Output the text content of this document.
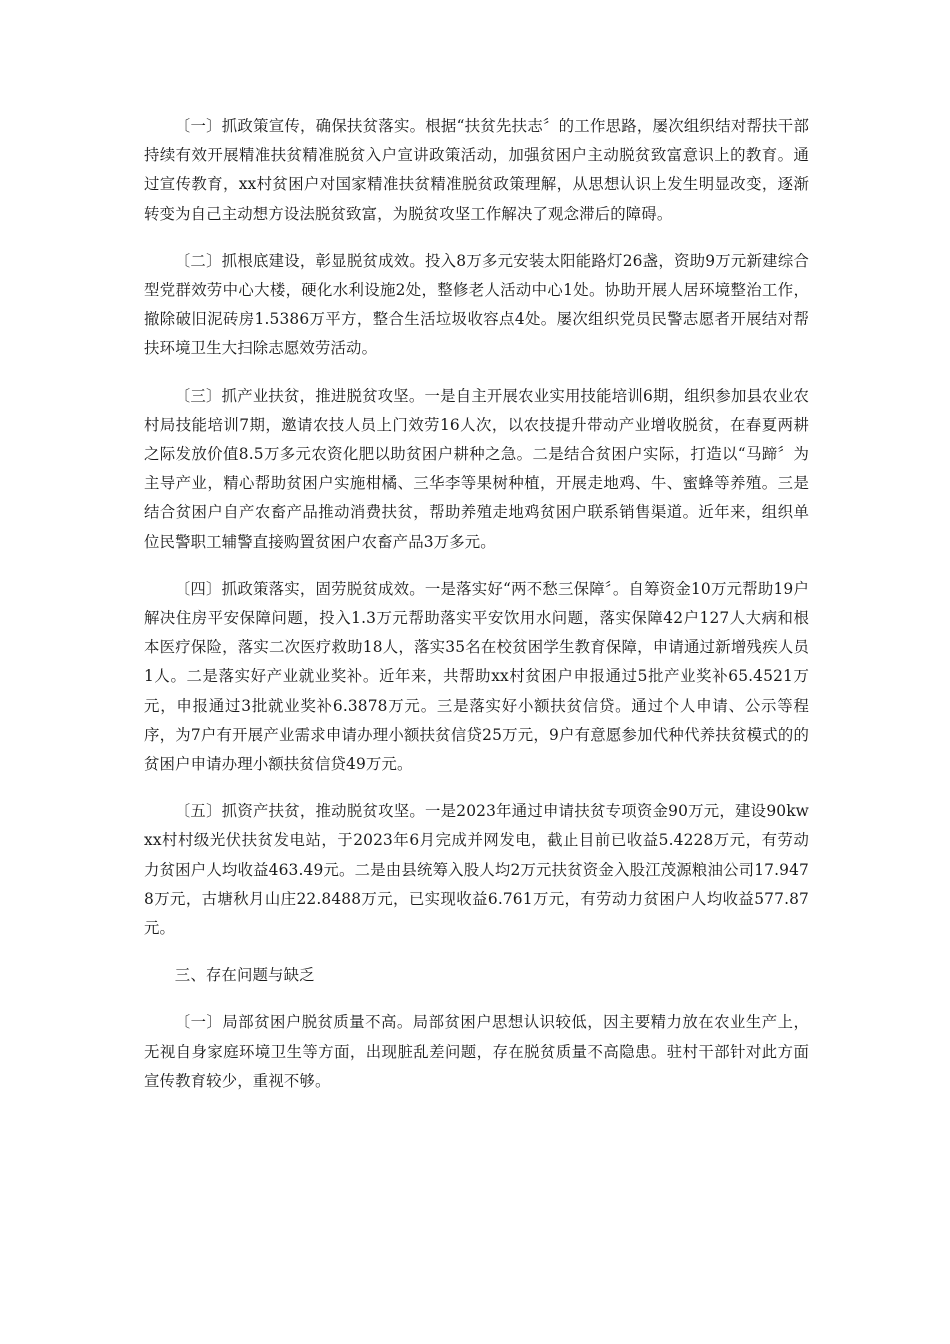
〔一〕抓政策宣传，确保扶贫落实。根据“扶贫先扶志〞的工作思路，屡次组织结对帮扶干部持续有效开展精准扶贫精准脱贫入户宣讲政策活动，加强贫困户主动脱贫致富意识上的教育。通过宣传教育，xx村贫困户对国家精准扶贫精准脱贫政策理解，从思想认识上发生明显改变，逐渐转变为自己主动想方设法脱贫致富，为脱贫攻坚工作解决了观念滞后的障碍。

〔二〕抓根底建设，彰显脱贫成效。投入8万多元安装太阳能路灯26盏，资助9万元新建综合型党群效劳中心大楼，硬化水利设施2处，整修老人活动中心1处。协助开展人居环境整治工作，撤除破旧泥砖房1.5386万平方，整合生活垃圾收容点4处。屡次组织党员民警志愿者开展结对帮扶环境卫生大扫除志愿效劳活动。

〔三〕抓产业扶贫，推进脱贫攻坚。一是自主开展农业实用技能培训6期，组织参加县农业农村局技能培训7期，邀请农技人员上门效劳16人次，以农技提升带动产业增收脱贫，在春夏两耕之际发放价值8.5万多元农资化肥以助贫困户耕种之急。二是结合贫困户实际，打造以“马蹄〞为主导产业，精心帮助贫困户实施柑橘、三华李等果树种植，开展走地鸡、牛、蜜蜂等养殖。三是结合贫困户自产农畜产品推动消费扶贫，帮助养殖走地鸡贫困户联系销售渠道。近年来，组织单位民警职工辅警直接购置贫困户农畜产品3万多元。

〔四〕抓政策落实，固劳脱贫成效。一是落实好“两不愁三保障〞。自筹资金10万元帮助19户解决住房平安保障问题，投入1.3万元帮助落实平安饮用水问题，落实保障42户127人大病和根本医疗保险，落实二次医疗救助18人，落实35名在校贫困学生教育保障，申请通过新增残疾人员1人。二是落实好产业就业奖补。近年来，共帮助xx村贫困户申报通过5批产业奖补65.4521万元，申报通过3批就业奖补6.3878万元。三是落实好小额扶贫信贷。通过个人申请、公示等程序，为7户有开展产业需求申请办理小额扶贫信贷25万元，9户有意愿参加代种代养扶贫模式的的贫困户申请办理小额扶贫信贷49万元。

〔五〕抓资产扶贫，推动脱贫攻坚。一是2023年通过申请扶贫专项资金90万元，建设90kwxx村村级光伏扶贫发电站，于2023年6月完成并网发电，截止目前已收益5.4228万元，有劳动力贫困户人均收益463.49元。二是由县统筹入股人均2万元扶贫资金入股江茂源粮油公司17.9478万元，古塘秋月山庄22.8488万元，已实现收益6.761万元，有劳动力贫困户人均收益577.87元。

三、存在问题与缺乏

〔一〕局部贫困户脱贫质量不高。局部贫困户思想认识较低，因主要精力放在农业生产上，无视自身家庭环境卫生等方面，出现脏乱差问题，存在脱贫质量不高隐患。驻村干部针对此方面宣传教育较少，重视不够。
